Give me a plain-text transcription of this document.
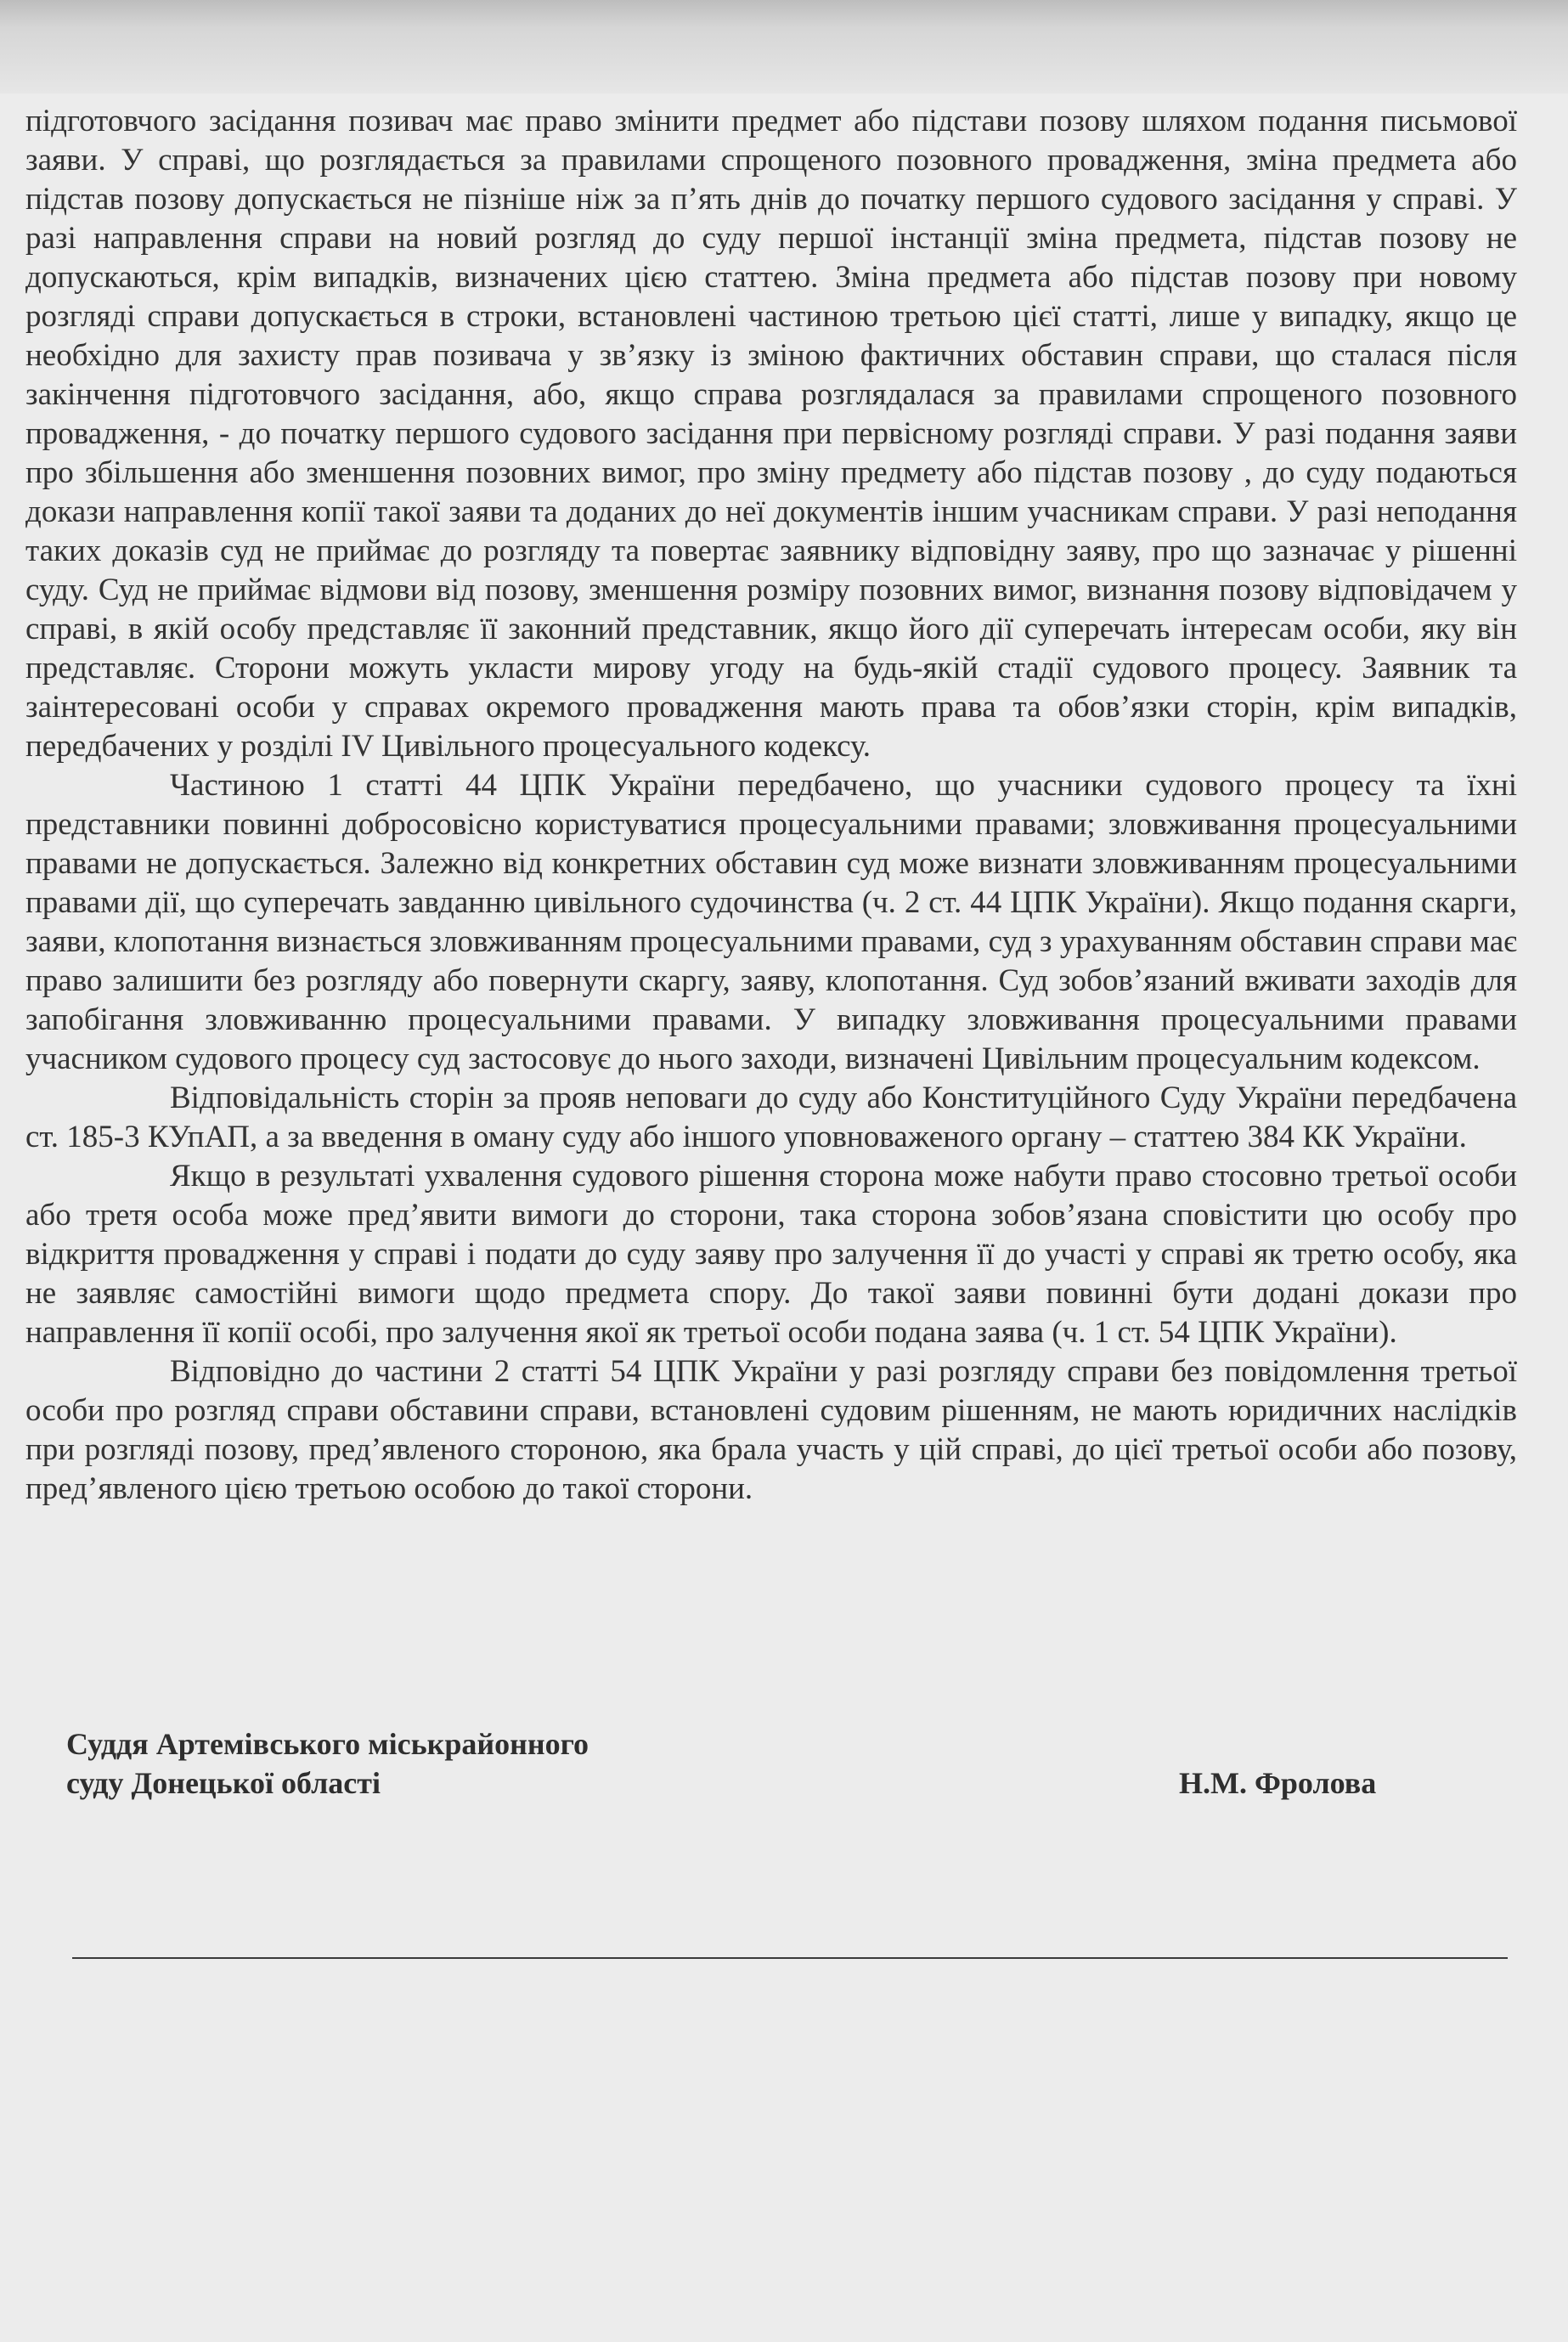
підготовчого засідання позивач має право змінити предмет або підстави позову шляхом подання письмової заяви. У справі, що розглядається за правилами спрощеного позовного провадження, зміна предмета або підстав позову допускається не пізніше ніж за п’ять днів до початку першого судового засідання у справі. У разі направлення справи на новий розгляд до суду першої інстанції зміна предмета, підстав позову не допускаються, крім випадків, визначених цією статтею. Зміна предмета або підстав позову при новому розгляді справи допускається в строки, встановлені частиною третьою цієї статті, лише у випадку, якщо це необхідно для захисту прав позивача у зв’язку із зміною фактичних обставин справи, що сталася після закінчення підготовчого засідання, або, якщо справа розглядалася за правилами спрощеного позовного провадження, - до початку першого судового засідання при первісному розгляді справи. У разі подання заяви про збільшення або зменшення позовних вимог, про зміну предмету або підстав позову , до суду подаються докази направлення копії такої заяви та доданих до неї документів іншим учасникам справи. У разі неподання таких доказів суд не приймає до розгляду та повертає заявнику відповідну заяву, про що зазначає у рішенні суду. Суд не приймає відмови від позову, зменшення розміру позовних вимог, визнання позову відповідачем у справі, в якій особу представляє її законний представник, якщо його дії суперечать інтересам особи, яку він представляє. Сторони можуть укласти мирову угоду на будь-якій стадії судового процесу. Заявник та заінтересовані особи у справах окремого провадження мають права та обов’язки сторін, крім випадків, передбачених у розділі IV Цивільного процесуального кодексу.

Частиною 1 статті 44 ЦПК України передбачено, що учасники судового процесу та їхні представники повинні добросовісно користуватися процесуальними правами; зловживання процесуальними правами не допускається. Залежно від конкретних обставин суд може визнати зловживанням процесуальними правами дії, що суперечать завданню цивільного судочинства (ч. 2 ст. 44 ЦПК України). Якщо подання скарги, заяви, клопотання визнається зловживанням процесуальними правами, суд з урахуванням обставин справи має право залишити без розгляду або повернути скаргу, заяву, клопотання. Суд зобов’язаний вживати заходів для запобігання зловживанню процесуальними правами. У випадку зловживання процесуальними правами учасником судового процесу суд застосовує до нього заходи, визначені Цивільним процесуальним кодексом.

Відповідальність сторін за прояв неповаги до суду або Конституційного Суду України передбачена ст. 185-3 КУпАП, а за введення в оману суду або іншого уповноваженого органу – статтею 384 КК України.

Якщо в результаті ухвалення судового рішення сторона може набути право стосовно третьої особи або третя особа може пред’явити вимоги до сторони, така сторона зобов’язана сповістити цю особу про відкриття провадження у справі і подати до суду заяву про залучення її до участі у справі як третю особу, яка не заявляє самостійні вимоги щодо предмета спору. До такої заяви повинні бути додані докази про направлення її копії особі, про залучення якої як третьої особи подана заява (ч. 1 ст. 54 ЦПК України).

Відповідно до частини 2 статті 54 ЦПК України у разі розгляду справи без повідомлення третьої особи про розгляд справи обставини справи, встановлені судовим рішенням, не мають юридичних наслідків при розгляді позову, пред’явленого стороною, яка брала участь у цій справі, до цієї третьої особи або позову, пред’явленого цією третьою особою до такої сторони.

Суддя Артемівського міськрайонного
суду Донецької області	Н.М. Фролова
